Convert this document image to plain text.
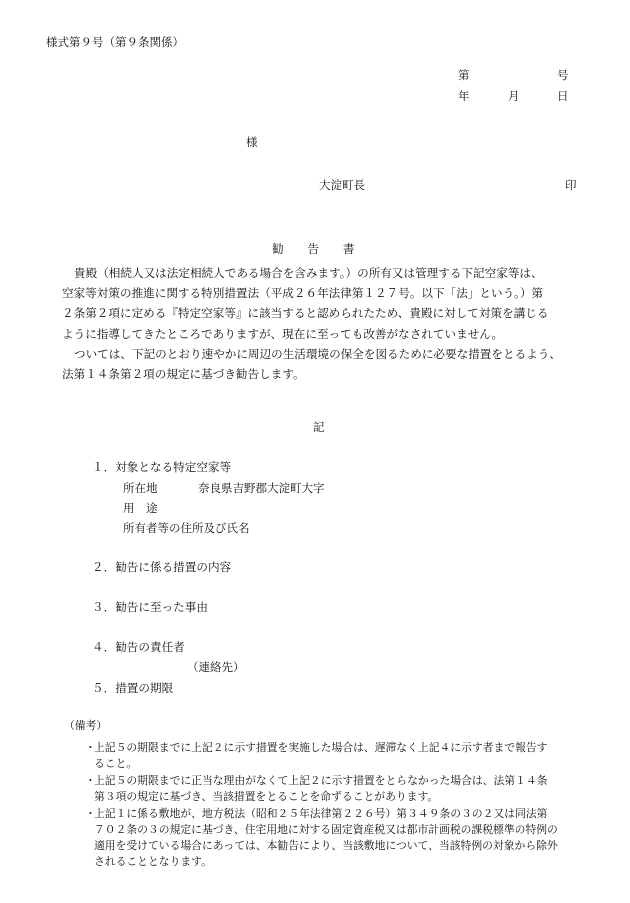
様式第９号（第９条関係）
第	号
年	月	日
様
大淀町長	印
勧　　告　　書
貴殿（相続人又は法定相続人である場合を含みます。）の所有又は管理する下記空家等は、
空家等対策の推進に関する特別措置法（平成２６年法律第１２７号。以下「法」という。）第
２条第２項に定める『特定空家等』に該当すると認められたため、貴殿に対して対策を講じる
ように指導してきたところでありますが、現在に至っても改善がなされていません。
ついては、下記のとおり速やかに周辺の生活環境の保全を図るために必要な措置をとるよう、
法第１４条第２項の規定に基づき勧告します。
記
１．対象となる特定空家等
所在地	奈良県吉野郡大淀町大字
用　途
所有者等の住所及び氏名
２．勧告に係る措置の内容
３．勧告に至った事由
４．勧告の責任者
（連絡先）
５．措置の期限
（備考）
・
上記５の期限までに上記２に示す措置を実施した場合は、遅滞なく上記４に示す者まで報告す
ること。
・
上記５の期限までに正当な理由がなくて上記２に示す措置をとらなかった場合は、法第１４条
第３項の規定に基づき、当該措置をとることを命ずることがあります。
・
上記１に係る敷地が、地方税法（昭和２５年法律第２２６号）第３４９条の３の２又は同法第
７０２条の３の規定に基づき、住宅用地に対する固定資産税又は都市計画税の課税標準の特例の
適用を受けている場合にあっては、本勧告により、当該敷地について、当該特例の対象から除外
されることとなります。
